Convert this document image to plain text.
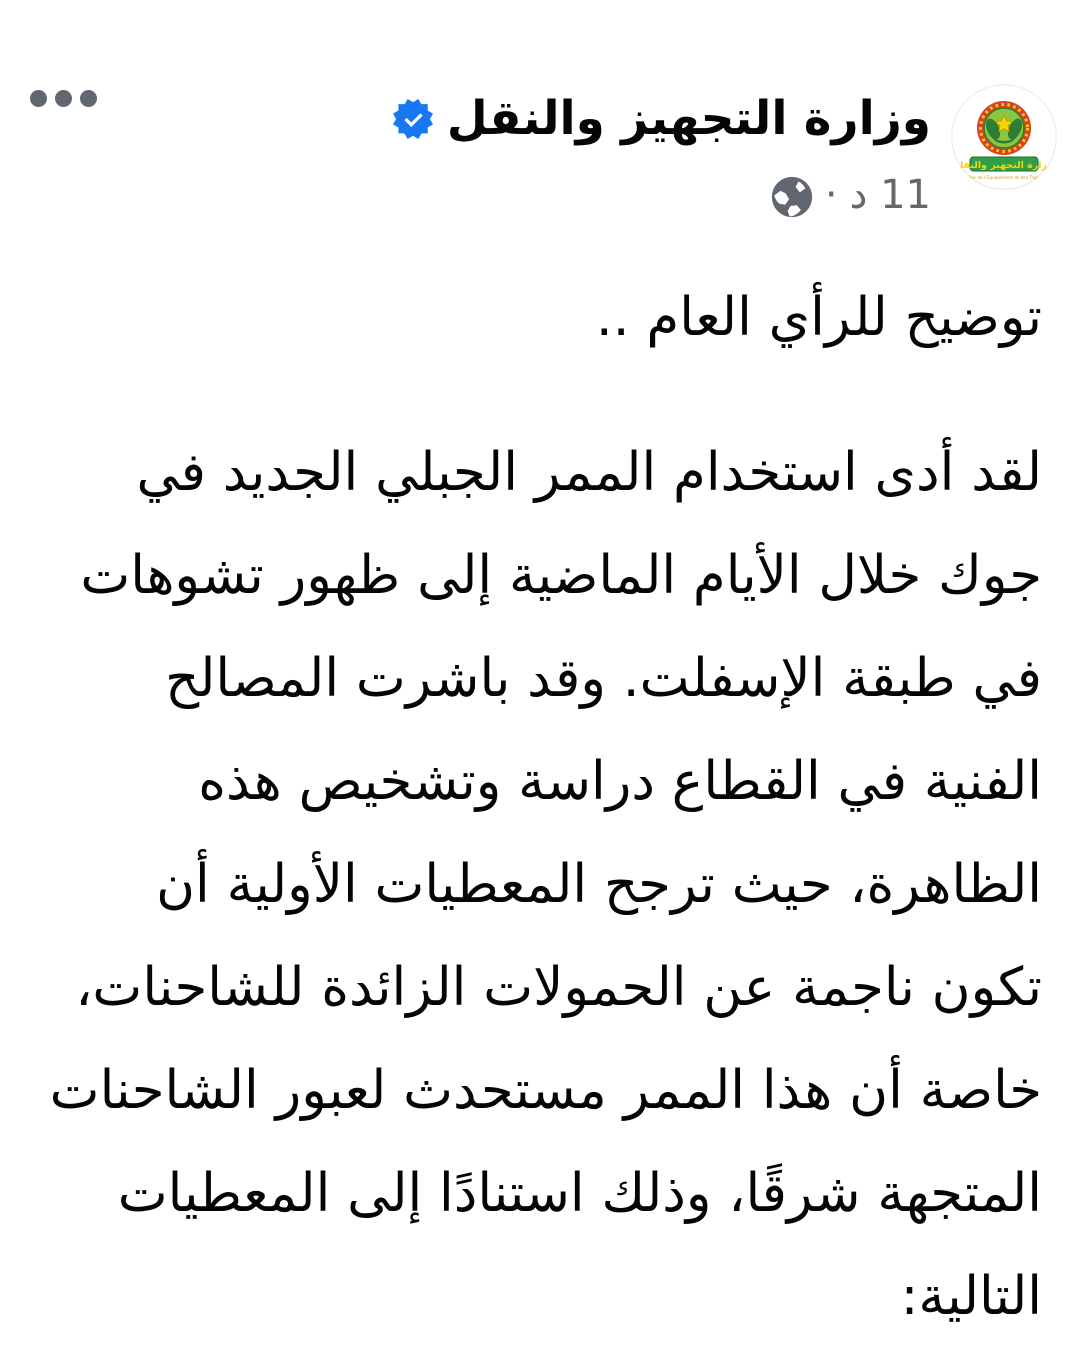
وزارة التجهيز والنقل
Ministère de l'Equipement et des Transports
وزارة التجهيز والنقل
11 د
·
توضيح للرأي العام ..
لقد أدى استخدام الممر الجبلي الجديد في جوك خلال الأيام الماضية إلى ظهور تشوهات في طبقة الإسفلت. وقد باشرت المصالح الفنية في القطاع دراسة وتشخيص هذه الظاهرة، حيث ترجح المعطيات الأولية أن تكون ناجمة عن الحمولات الزائدة للشاحنات، خاصة أن هذا الممر مستحدث لعبور الشاحنات المتجهة شرقًا، وذلك استنادًا إلى المعطيات التالية:
